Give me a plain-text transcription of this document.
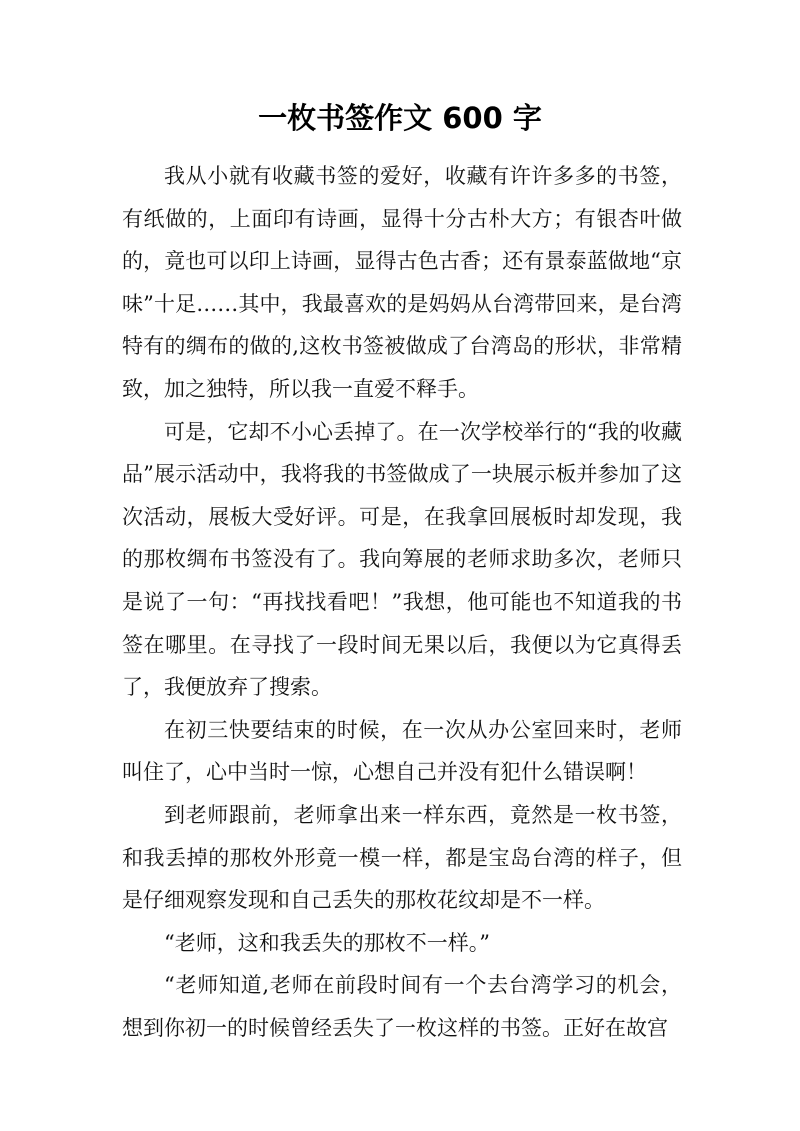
一枚书签作文 600 字

我从小就有收藏书签的爱好，收藏有许许多多的书签，有纸做的，上面印有诗画，显得十分古朴大方；有银杏叶做的，竟也可以印上诗画，显得古色古香；还有景泰蓝做地“京味”十足……其中，我最喜欢的是妈妈从台湾带回来，是台湾特有的绸布的做的,这枚书签被做成了台湾岛的形状，非常精致，加之独特，所以我一直爱不释手。

可是，它却不小心丢掉了。在一次学校举行的“我的收藏品”展示活动中，我将我的书签做成了一块展示板并参加了这次活动，展板大受好评。可是，在我拿回展板时却发现，我的那枚绸布书签没有了。我向筹展的老师求助多次，老师只是说了一句：“再找找看吧！”我想，他可能也不知道我的书签在哪里。在寻找了一段时间无果以后，我便以为它真得丢了，我便放弃了搜索。

在初三快要结束的时候，在一次从办公室回来时，老师叫住了，心中当时一惊，心想自己并没有犯什么错误啊！

到老师跟前，老师拿出来一样东西，竟然是一枚书签，和我丢掉的那枚外形竟一模一样，都是宝岛台湾的样子，但是仔细观察发现和自己丢失的那枚花纹却是不一样。

“老师，这和我丢失的那枚不一样。”

“老师知道,老师在前段时间有一个去台湾学习的机会，想到你初一的时候曾经丢失了一枚这样的书签。正好在故宫
